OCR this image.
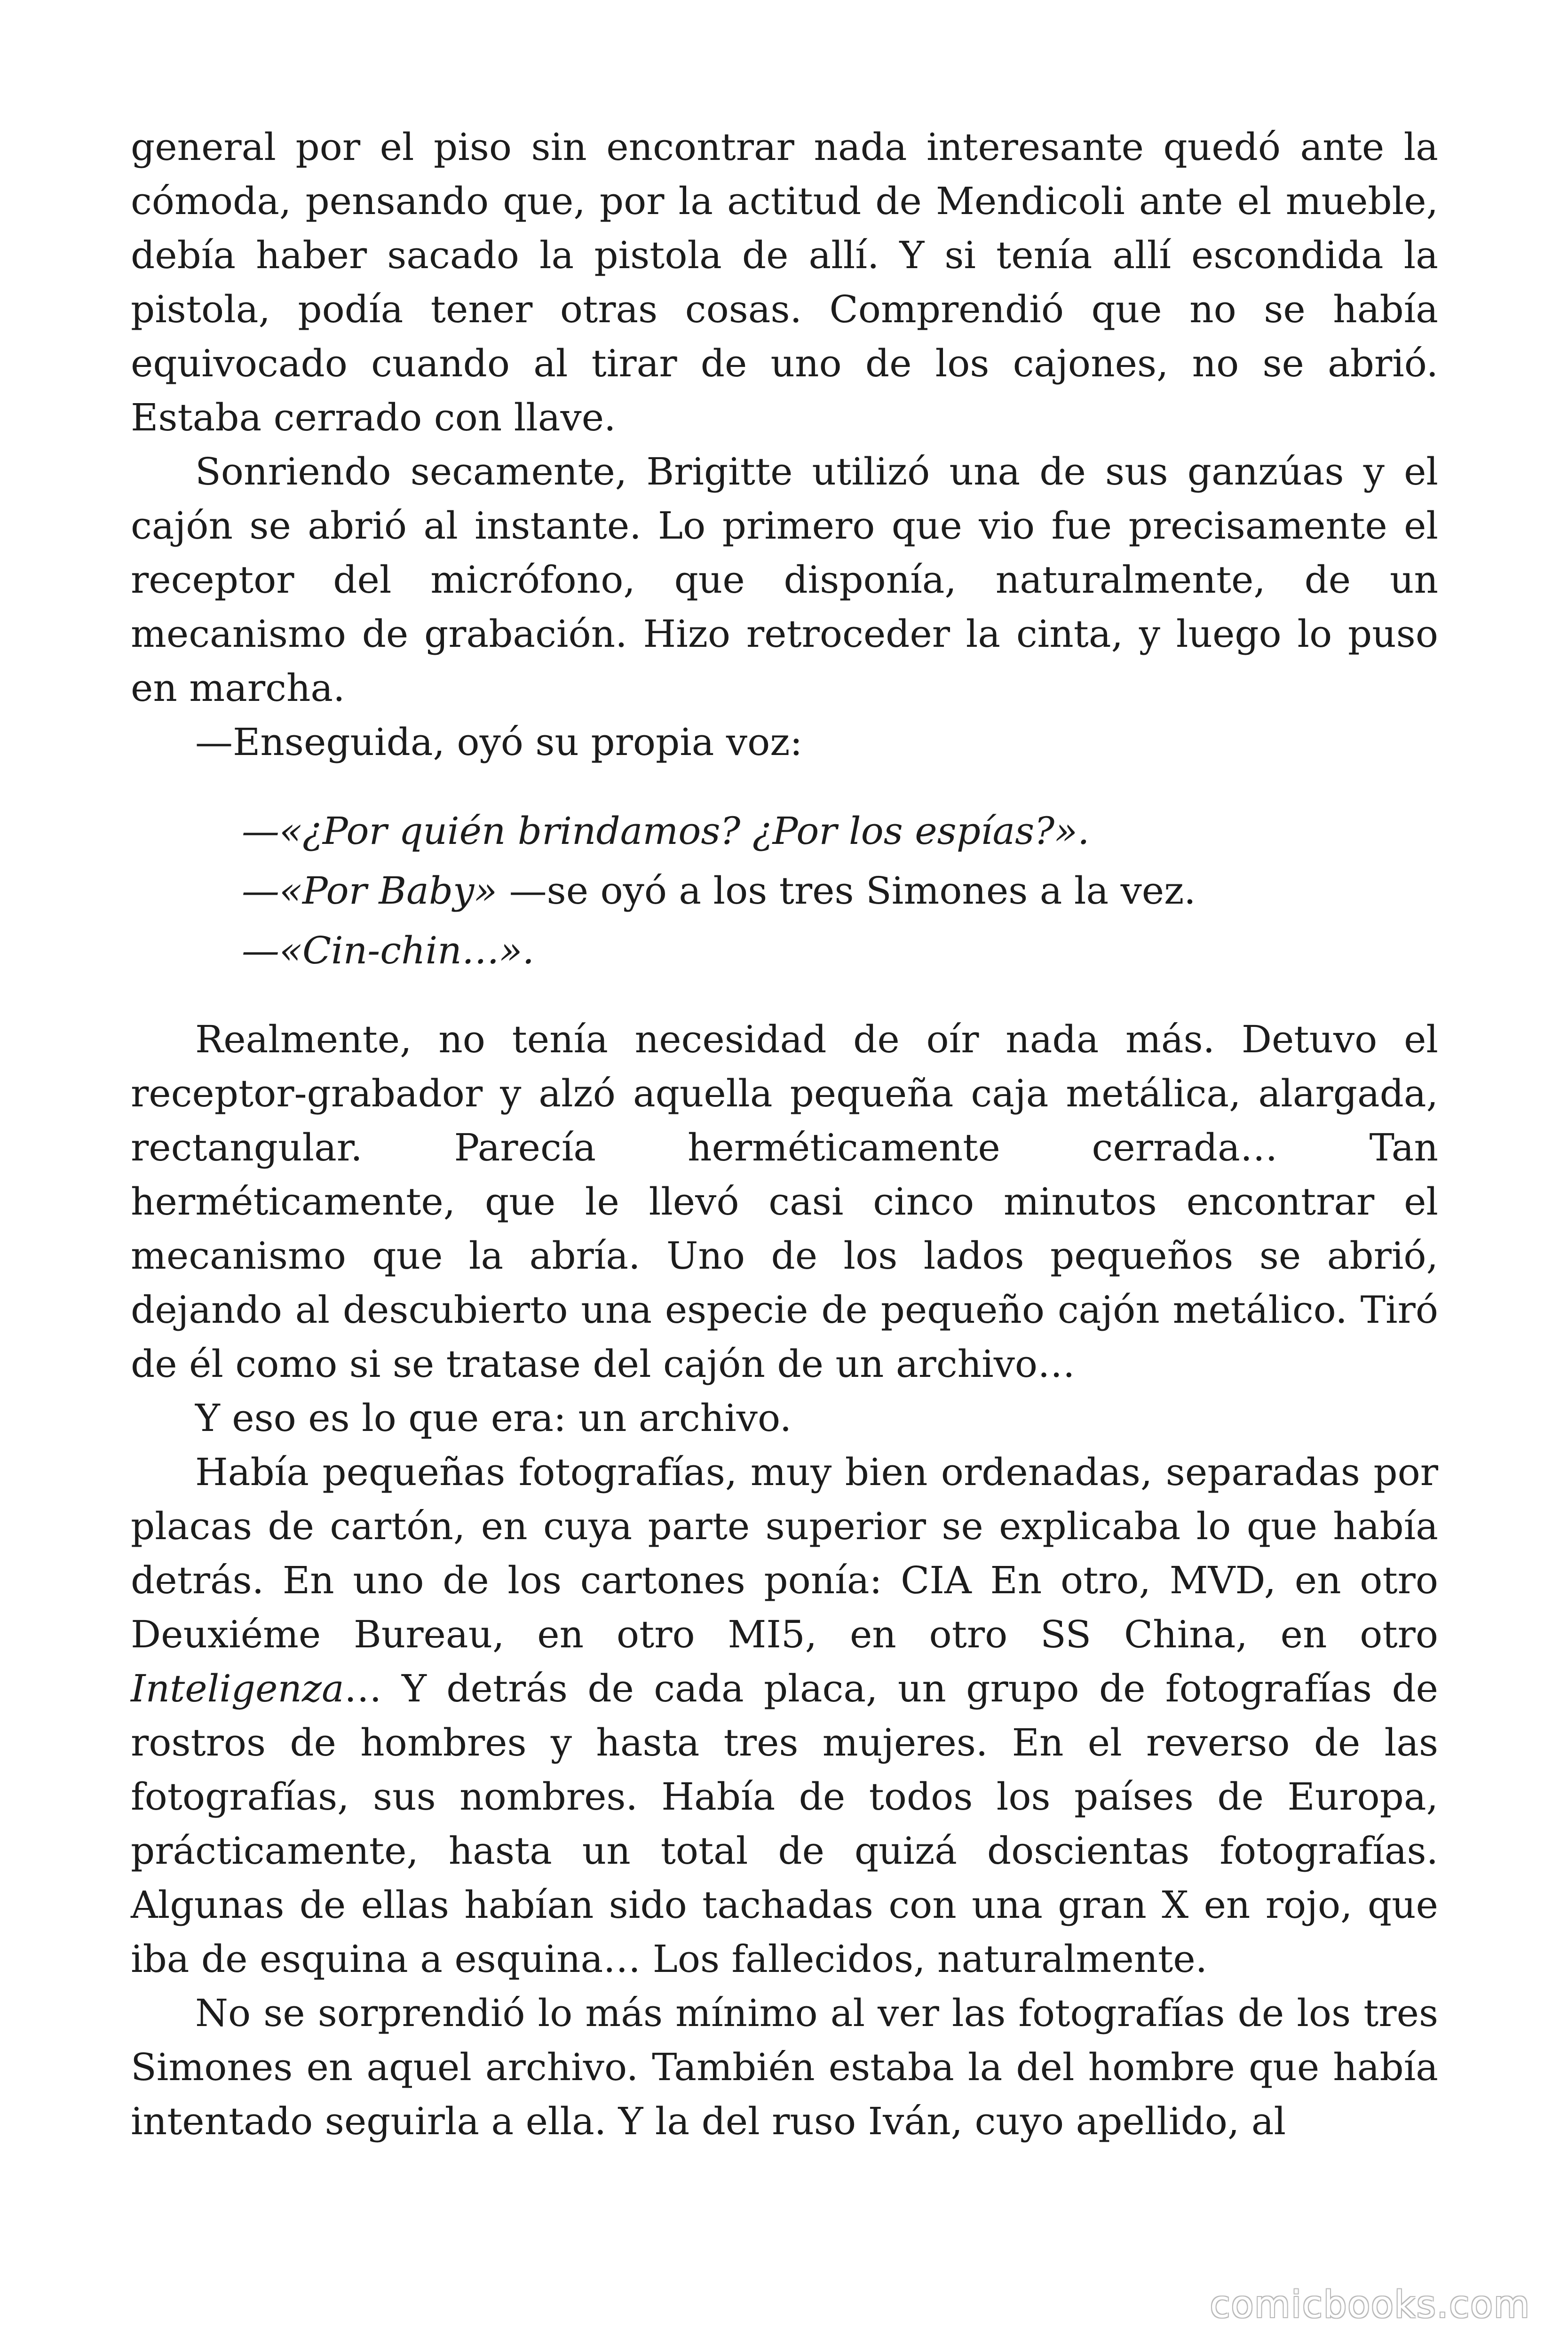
general por el piso sin encontrar nada interesante quedó ante la cómoda, pensando que, por la actitud de Mendicoli ante el mueble, debía haber sacado la pistola de allí. Y si tenía allí escondida la pistola, podía tener otras cosas. Comprendió que no se había equivocado cuando al tirar de uno de los cajones, no se abrió. Estaba cerrado con llave.

Sonriendo secamente, Brigitte utilizó una de sus ganzúas y el cajón se abrió al instante. Lo primero que vio fue precisamente el receptor del micrófono, que disponía, naturalmente, de un mecanismo de grabación. Hizo retroceder la cinta, y luego lo puso en marcha.

—Enseguida, oyó su propia voz:

—«¿Por quién brindamos? ¿Por los espías?».

—«Por Baby» —se oyó a los tres Simones a la vez.

—«Cin-chin…».

Realmente, no tenía necesidad de oír nada más. Detuvo el receptor-grabador y alzó aquella pequeña caja metálica, alargada, rectangular. Parecía herméticamente cerrada… Tan herméticamente, que le llevó casi cinco minutos encontrar el mecanismo que la abría. Uno de los lados pequeños se abrió, dejando al descubierto una especie de pequeño cajón metálico. Tiró de él como si se tratase del cajón de un archivo…

Y eso es lo que era: un archivo.

Había pequeñas fotografías, muy bien ordenadas, separadas por placas de cartón, en cuya parte superior se explicaba lo que había detrás. En uno de los cartones ponía: CIA En otro, MVD, en otro Deuxiéme Bureau, en otro MI5, en otro SS China, en otro Inteligenza… Y detrás de cada placa, un grupo de fotografías de rostros de hombres y hasta tres mujeres. En el reverso de las fotografías, sus nombres. Había de todos los países de Europa, prácticamente, hasta un total de quizá doscientas fotografías. Algunas de ellas habían sido tachadas con una gran X en rojo, que iba de esquina a esquina… Los fallecidos, naturalmente.

No se sorprendió lo más mínimo al ver las fotografías de los tres Simones en aquel archivo. También estaba la del hombre que había intentado seguirla a ella. Y la del ruso Iván, cuyo apellido, al

comicbooks.com
